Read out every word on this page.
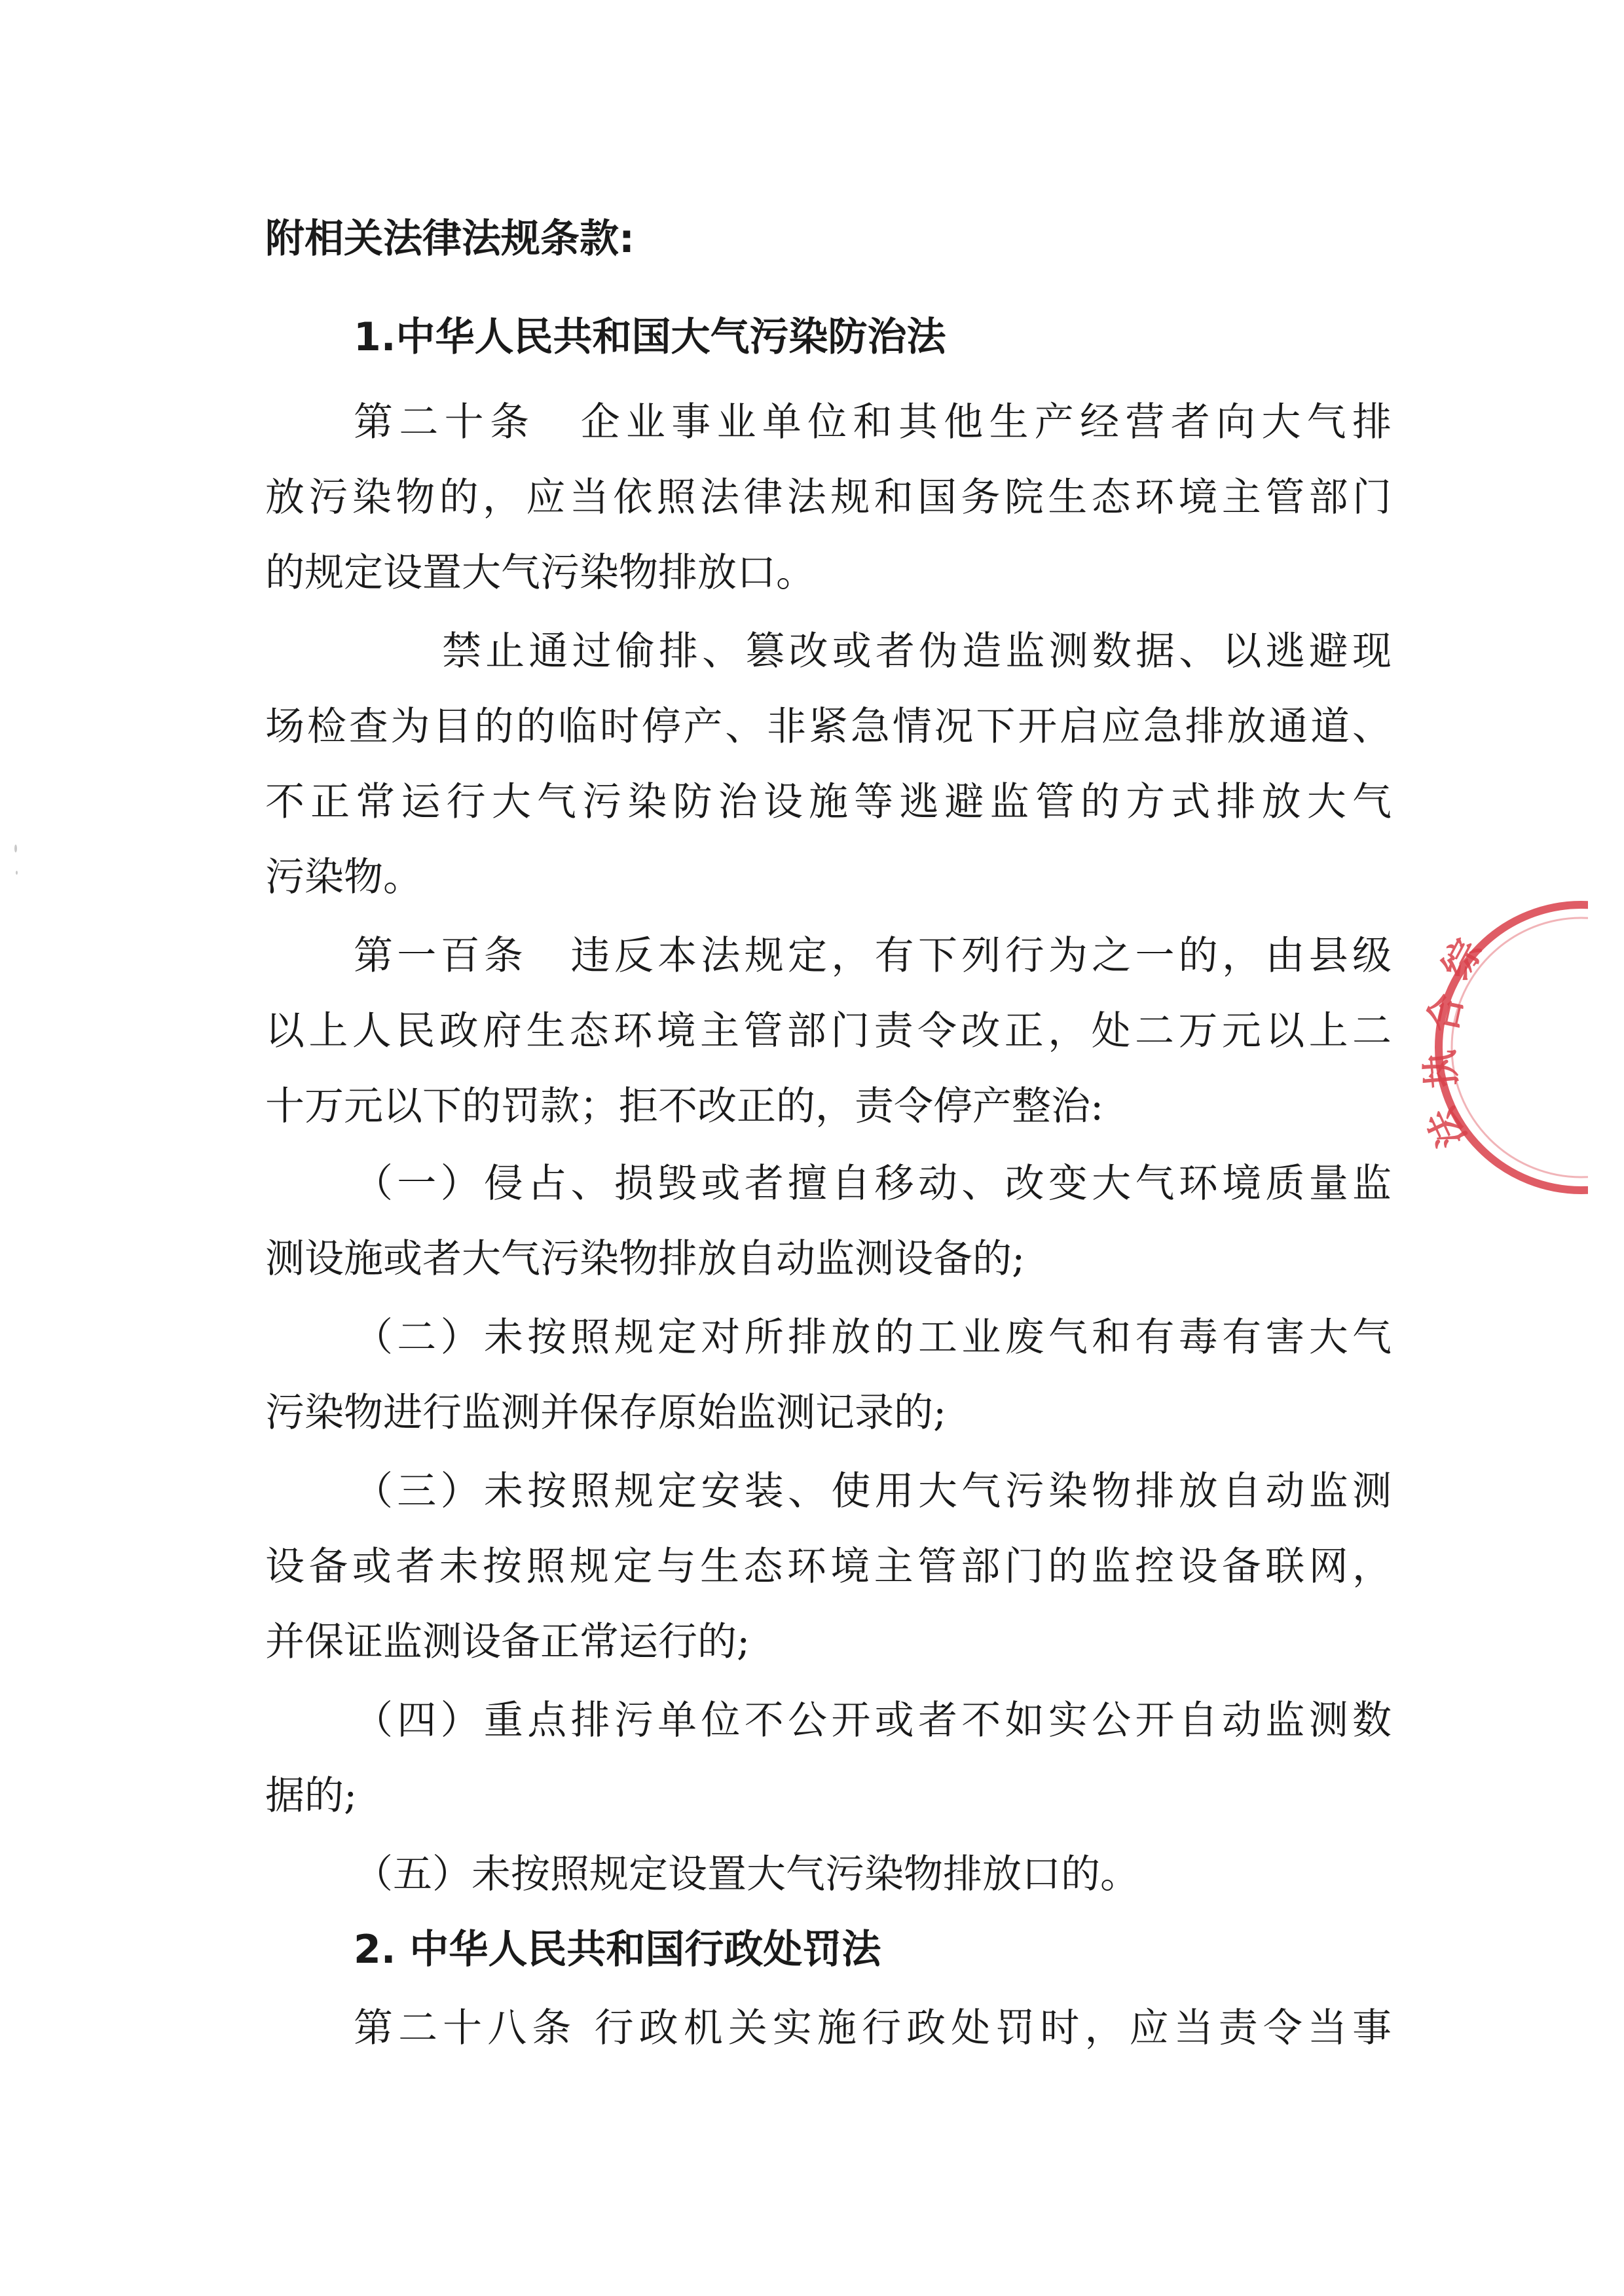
附相关法律法规条款:
1.中华人民共和国大气污染防治法
第二十条　企业事业单位和其他生产经营者向大气排
放污染物的，应当依照法律法规和国务院生态环境主管部门
的规定设置大气污染物排放口。
禁止通过偷排、篡改或者伪造监测数据、以逃避现
场检查为目的的临时停产、非紧急情况下开启应急排放通道、
不正常运行大气污染防治设施等逃避监管的方式排放大气
污染物。
第一百条　违反本法规定，有下列行为之一的，由县级
以上人民政府生态环境主管部门责令改正，处二万元以上二
十万元以下的罚款；拒不改正的，责令停产整治:
（一）侵占、损毁或者擅自移动、改变大气环境质量监
测设施或者大气污染物排放自动监测设备的;
（二）未按照规定对所排放的工业废气和有毒有害大气
污染物进行监测并保存原始监测记录的;
（三）未按照规定安装、使用大气污染物排放自动监测
设备或者未按照规定与生态环境主管部门的监控设备联网，
并保证监测设备正常运行的;
（四）重点排污单位不公开或者不如实公开自动监测数
据的;
（五）未按照规定设置大气污染物排放口的。
2. 中华人民共和国行政处罚法
第二十八条 行政机关实施行政处罚时，应当责令当事
综
合
执
法
